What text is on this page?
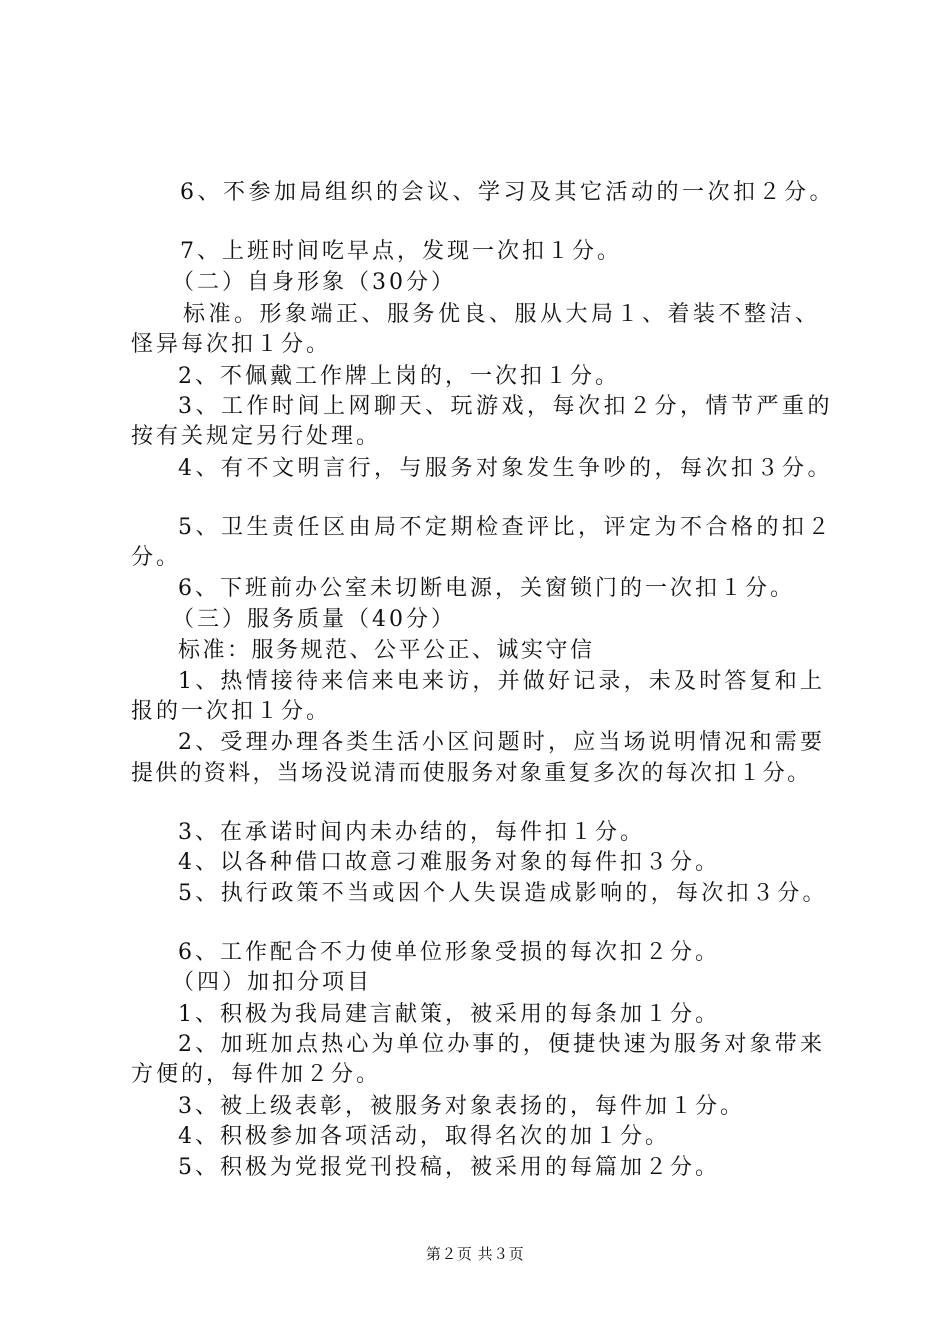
6、不参加局组织的会议、学习及其它活动的一次扣２分。
7、上班时间吃早点，发现一次扣１分。
（二）自身形象（30分）
标准。形象端正、服务优良、服从大局１、着装不整洁、
怪异每次扣１分。
2、不佩戴工作牌上岗的，一次扣１分。
3、工作时间上网聊天、玩游戏，每次扣２分，情节严重的
按有关规定另行处理。
4、有不文明言行，与服务对象发生争吵的，每次扣３分。
5、卫生责任区由局不定期检查评比，评定为不合格的扣２
分。
6、下班前办公室未切断电源，关窗锁门的一次扣１分。
（三）服务质量（40分）
标准：服务规范、公平公正、诚实守信
1、热情接待来信来电来访，并做好记录，未及时答复和上
报的一次扣１分。
2、受理办理各类生活小区问题时，应当场说明情况和需要
提供的资料，当场没说清而使服务对象重复多次的每次扣１分。
3、在承诺时间内未办结的，每件扣１分。
4、以各种借口故意刁难服务对象的每件扣３分。
5、执行政策不当或因个人失误造成影响的，每次扣３分。
6、工作配合不力使单位形象受损的每次扣２分。
（四）加扣分项目
1、积极为我局建言献策，被采用的每条加１分。
2、加班加点热心为单位办事的，便捷快速为服务对象带来
方便的，每件加２分。
3、被上级表彰，被服务对象表扬的，每件加１分。
4、积极参加各项活动，取得名次的加１分。
5、积极为党报党刊投稿，被采用的每篇加２分。
第２页 共３页
